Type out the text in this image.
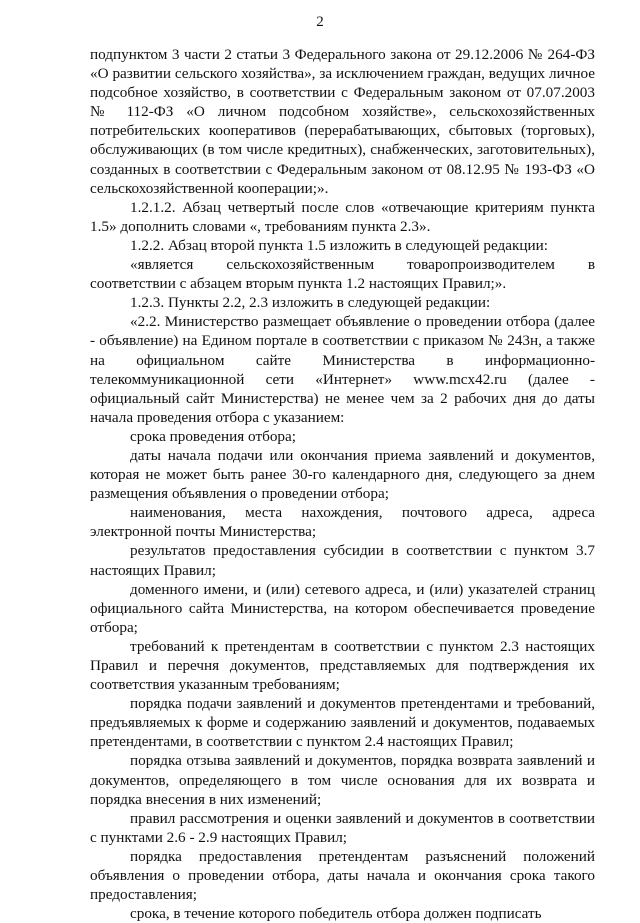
2

подпунктом 3 части 2 статьи 3 Федерального закона от 29.12.2006 № 264-ФЗ «О развитии сельского хозяйства», за исключением граждан, ведущих личное подсобное хозяйство, в соответствии с Федеральным законом от 07.07.2003 № 112-ФЗ «О личном подсобном хозяйстве», сельскохозяйственных потребительских кооперативов (перерабатывающих, сбытовых (торговых), обслуживающих (в том числе кредитных), снабженческих, заготовительных), созданных в соответствии с Федеральным законом от 08.12.95 № 193-ФЗ «О сельскохозяйственной кооперации;».

1.2.1.2. Абзац четвертый после слов «отвечающие критериям пункта 1.5» дополнить словами «, требованиям пункта 2.3».

1.2.2. Абзац второй пункта 1.5 изложить в следующей редакции:

«является сельскохозяйственным товаропроизводителем в соответствии с абзацем вторым пункта 1.2 настоящих Правил;».

1.2.3. Пункты 2.2, 2.3 изложить в следующей редакции:

«2.2. Министерство размещает объявление о проведении отбора (далее - объявление) на Едином портале в соответствии с приказом № 243н, а также на официальном сайте Министерства в информационно-телекоммуникационной сети «Интернет» www.mcx42.ru (далее - официальный сайт Министерства) не менее чем за 2 рабочих дня до даты начала проведения отбора с указанием:

срока проведения отбора;

даты начала подачи или окончания приема заявлений и документов, которая не может быть ранее 30-го календарного дня, следующего за днем размещения объявления о проведении отбора;

наименования, места нахождения, почтового адреса, адреса электронной почты Министерства;

результатов предоставления субсидии в соответствии с пунктом 3.7 настоящих Правил;

доменного имени, и (или) сетевого адреса, и (или) указателей страниц официального сайта Министерства, на котором обеспечивается проведение отбора;

требований к претендентам в соответствии с пунктом 2.3 настоящих Правил и перечня документов, представляемых для подтверждения их соответствия указанным требованиям;

порядка подачи заявлений и документов претендентами и требований, предъявляемых к форме и содержанию заявлений и документов, подаваемых претендентами, в соответствии с пунктом 2.4 настоящих Правил;

порядка отзыва заявлений и документов, порядка возврата заявлений и документов, определяющего в том числе основания для их возврата и порядка внесения в них изменений;

правил рассмотрения и оценки заявлений и документов в соответствии с пунктами 2.6 - 2.9 настоящих Правил;

порядка предоставления претендентам разъяснений положений объявления о проведении отбора, даты начала и окончания срока такого предоставления;

срока, в течение которого победитель отбора должен подписать
